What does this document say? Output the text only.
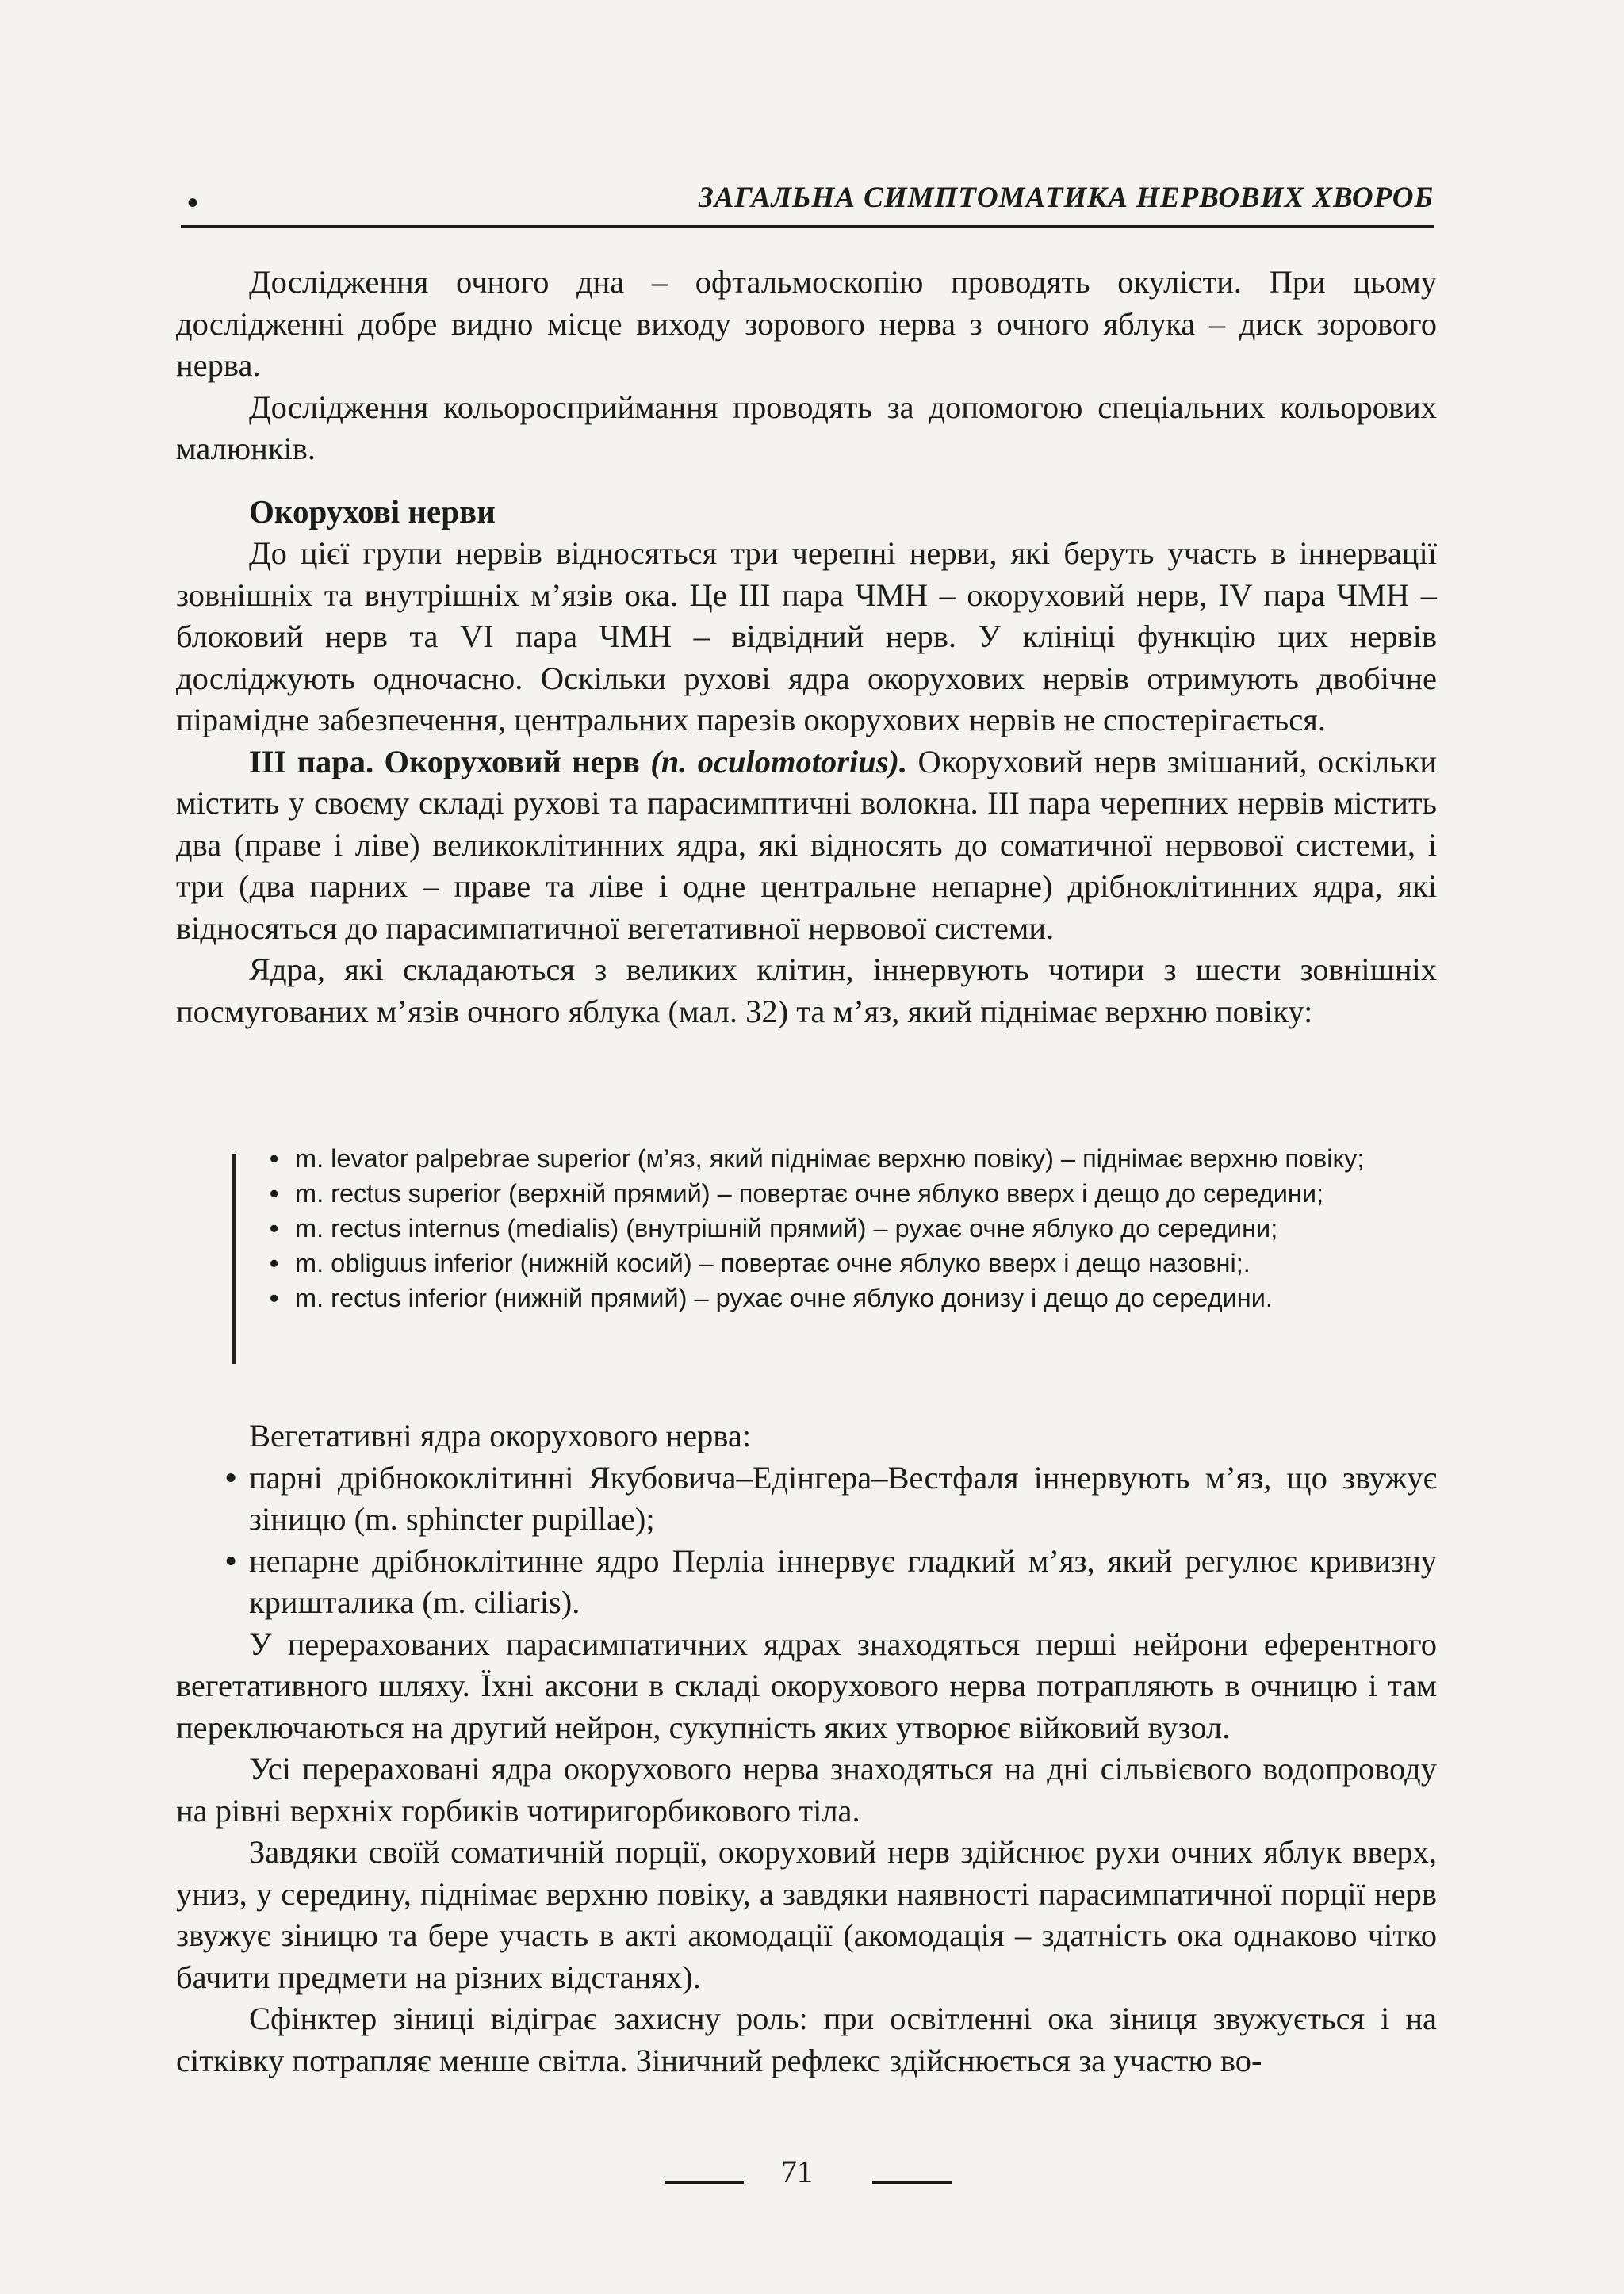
•	ЗАГАЛЬНА СИМПТОМАТИКА НЕРВОВИХ ХВОРОБ

Дослідження очного дна – офтальмоскопію проводять окулісти. При цьому дослідженні добре видно місце виходу зорового нерва з очного яблука – диск зорового нерва.

Дослідження кольоросприймання проводять за допомогою спеціальних кольорових малюнків.

Окорухові нерви

До цієї групи нервів відносяться три черепні нерви, які беруть участь в іннервації зовнішніх та внутрішніх м’язів ока. Це III пара ЧМН – окоруховий нерв, IV пара ЧМН – блоковий нерв та VI пара ЧМН – відвідний нерв. У клініці функцію цих нервів досліджують одночасно. Оскільки рухові ядра окорухових нервів отримують двобічне пірамідне забезпечення, центральних парезів окорухових нервів не спостерігається.

III пара. Окоруховий нерв (n. oculomotorius). Окоруховий нерв змішаний, оскільки містить у своєму складі рухові та парасимптичні волокна. III пара черепних нервів містить два (праве і ліве) великоклітинних ядра, які відносять до соматичної нервової системи, і три (два парних – праве та ліве і одне центральне непарне) дрібноклітинних ядра, які відносяться до парасимпатичної вегетативної нервової системи.

Ядра, які складаються з великих клітин, іннервують чотири з шести зовнішніх посмугованих м’язів очного яблука (мал. 32) та м’яз, який піднімає верхню повіку:

• m. levator palpebrae superior (м’яз, який піднімає верхню повіку) – піднімає верхню повіку;
• m. rectus superior (верхній прямий) – повертає очне яблуко вверх і дещо до середини;
• m. rectus internus (medialis) (внутрішній прямий) – рухає очне яблуко до середини;
• m. obliguus inferior (нижній косий) – повертає очне яблуко вверх і дещо назовні;.
• m. rectus inferior (нижній прямий) – рухає очне яблуко донизу і дещо до середини.

Вегетативні ядра окорухового нерва:

• парні дрібнококлітинні Якубовича–Едінгера–Вестфаля іннервують м’яз, що звужує зіницю (m. sphincter pupillae);
• непарне дрібноклітинне ядро Перліа іннервує гладкий м’яз, який регулює кривизну кришталика (m. ciliaris).

У перерахованих парасимпатичних ядрах знаходяться перші нейрони еферентного вегетативного шляху. Їхні аксони в складі окорухового нерва потрапляють в очницю і там переключаються на другий нейрон, сукупність яких утворює війковий вузол.

Усі перераховані ядра окорухового нерва знаходяться на дні сільвієвого водопроводу на рівні верхніх горбиків чотиригорбикового тіла.

Завдяки своїй соматичній порції, окоруховий нерв здійснює рухи очних яблук вверх, униз, у середину, піднімає верхню повіку, а завдяки наявності парасимпатичної порції нерв звужує зіницю та бере участь в акті акомодації (акомодація – здатність ока однаково чітко бачити предмети на різних відстанях).

Сфінктер зіниці відіграє захисну роль: при освітленні ока зіниця звужується і на сітківку потрапляє менше світла. Зіничний рефлекс здійснюється за участю во-

71
